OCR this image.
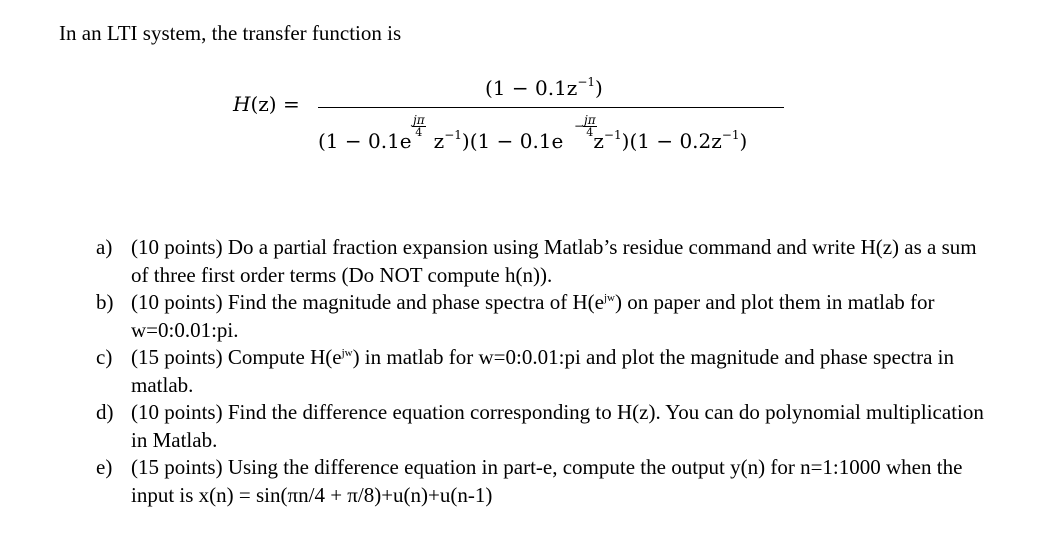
In an LTI system, the transfer function is
H(z) =
$(1 - 0.1z^{-1})$
(1 − 0.1e $z^{-1})(1 - 0.1e$ $z^{-1})(1 - 0.2z^{-1})$
$\frac{j\pi}{4}$	− jπ
4
a) (10 points) Do a partial fraction expansion using Matlab’s residue command and write H(z) as a sum of three first order terms (Do NOT compute h(n)).
b) (10 points) Find the magnitude and phase spectra of $H(e^{jw})$ on paper and plot them in matlab for w=0:0.01:pi.
c) (15 points) Compute $H(e^{jw})$ in matlab for w=0:0.01:pi and plot the magnitude and phase spectra in matlab.
d) (10 points) Find the difference equation corresponding to H(z). You can do polynomial multiplication in Matlab.
e) (15 points) Using the difference equation in part-e, compute the output y(n) for n=1:1000 when the input is x(n) = sin(πn/4 + π/8)+u(n)+u(n-1)
